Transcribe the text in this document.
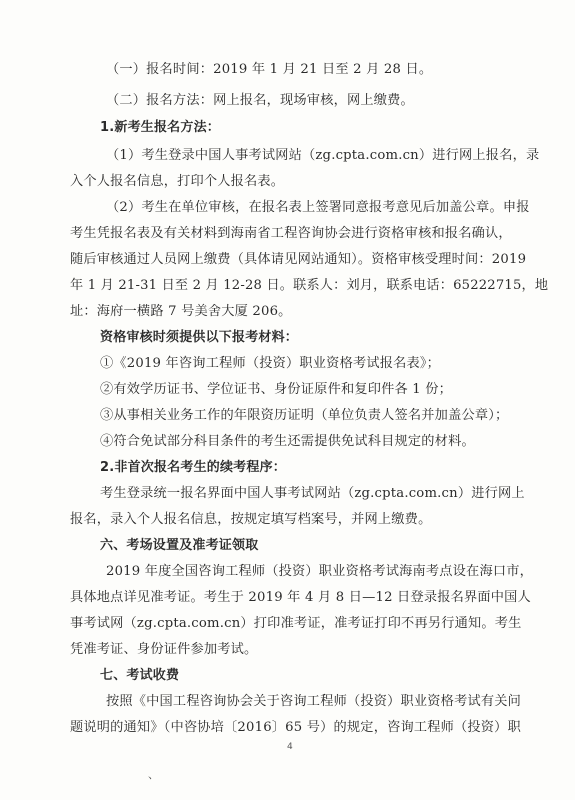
（一）报名时间：2019 年 1 月 21 日至 2 月 28 日。
（二）报名方法：网上报名，现场审核，网上缴费。
1.新考生报名方法：
（1）考生登录中国人事考试网站（zg.cpta.com.cn）进行网上报名，录
入个人报名信息，打印个人报名表。
（2）考生在单位审核，在报名表上签署同意报考意见后加盖公章。申报
考生凭报名表及有关材料到海南省工程咨询协会进行资格审核和报名确认，
随后审核通过人员网上缴费（具体请见网站通知）。资格审核受理时间：2019
年 1 月 21-31 日至 2 月 12-28 日。联系人：刘月，联系电话：65222715，地
址：海府一横路 7 号美舍大厦 206。
资格审核时须提供以下报考材料：
①《2019 年咨询工程师（投资）职业资格考试报名表》；
②有效学历证书、学位证书、身份证原件和复印件各 1 份；
③从事相关业务工作的年限资历证明（单位负责人签名并加盖公章）；
④符合免试部分科目条件的考生还需提供免试科目规定的材料。
2.非首次报名考生的续考程序：
考生登录统一报名界面中国人事考试网站（zg.cpta.com.cn）进行网上
报名，录入个人报名信息，按规定填写档案号，并网上缴费。
六、考场设置及准考证领取
2019 年度全国咨询工程师（投资）职业资格考试海南考点设在海口市，
具体地点详见准考证。考生于 2019 年 4 月 8 日—12 日登录报名界面中国人
事考试网（zg.cpta.com.cn）打印准考证，准考证打印不再另行通知。考生
凭准考证、身份证件参加考试。
七、考试收费
按照《中国工程咨询协会关于咨询工程师（投资）职业资格考试有关问
题说明的通知》（中咨协培〔2016〕65 号）的规定，咨询工程师（投资）职
4
、
